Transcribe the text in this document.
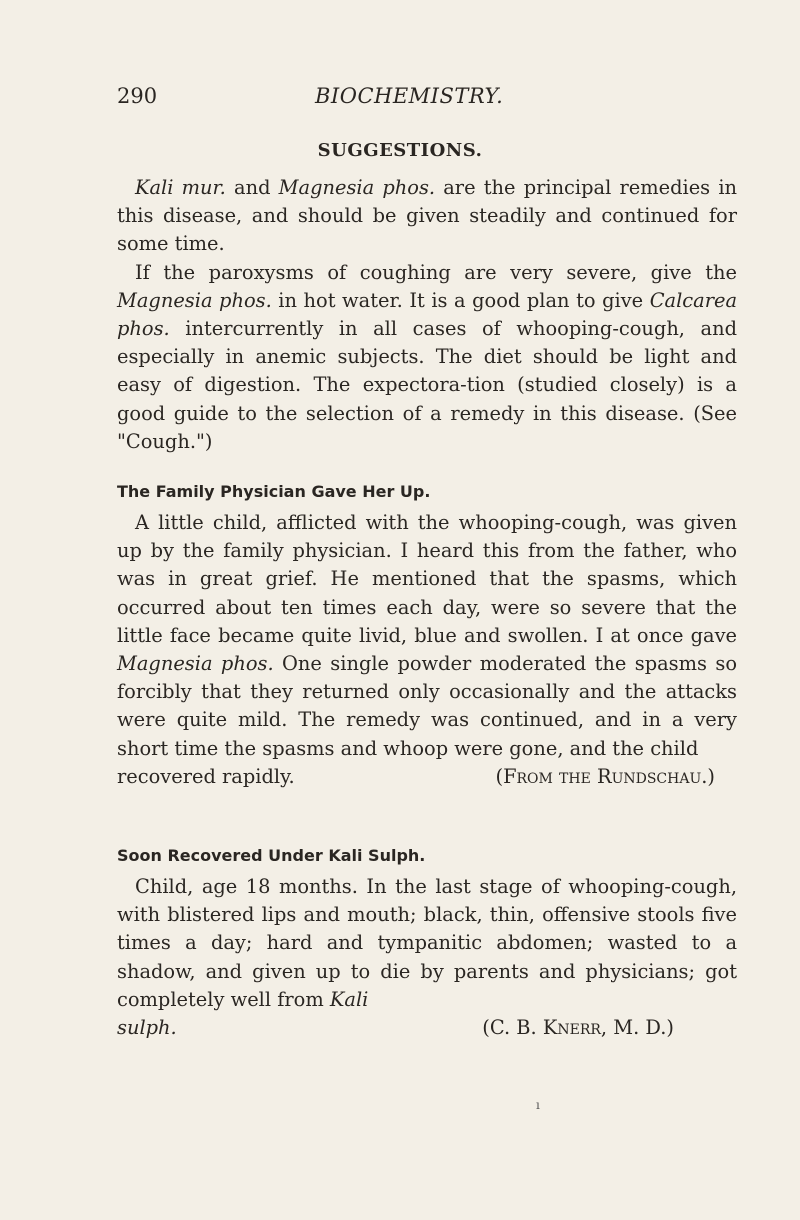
290	BIOCHEMISTRY.
SUGGESTIONS.

Kali mur. and Magnesia phos. are the principal remedies in this disease, and should be given steadily and continued for some time.

If the paroxysms of coughing are very severe, give the Magnesia phos. in hot water. It is a good plan to give Calcarea phos. intercurrently in all cases of whooping-cough, and especially in anemic subjects. The diet should be light and easy of digestion. The expectora-tion (studied closely) is a good guide to the selection of a remedy in this disease. (See "Cough.")

The Family Physician Gave Her Up.

A little child, afflicted with the whooping-cough, was given up by the family physician. I heard this from the father, who was in great grief. He mentioned that the spasms, which occurred about ten times each day, were so severe that the little face became quite livid, blue and swollen. I at once gave Magnesia phos. One single powder moderated the spasms so forcibly that they returned only occasionally and the attacks were quite mild. The remedy was continued, and in a very short time the spasms and whoop were gone, and the child

recovered rapidly.	(From the Rundschau.)
Soon Recovered Under Kali Sulph.

Child, age 18 months. In the last stage of whooping-cough, with blistered lips and mouth; black, thin, offensive stools five times a day; hard and tympanitic abdomen; wasted to a shadow, and given up to die by parents and physicians; got completely well from Kali

sulph.	(C. B. Knerr, M. D.)
ı
